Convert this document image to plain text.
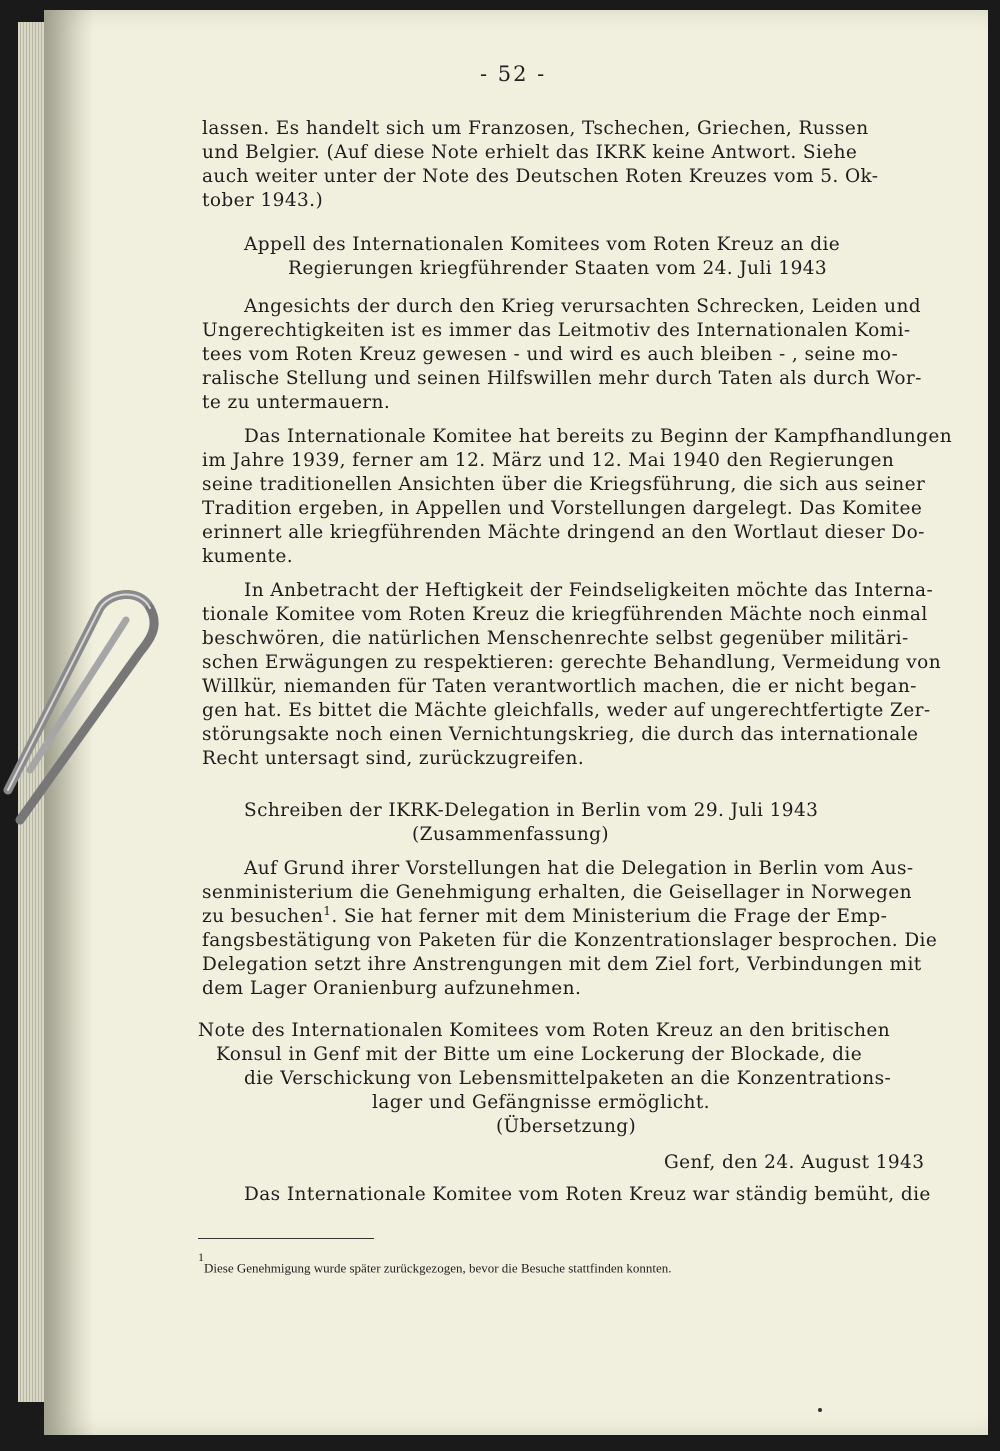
- 52 -
lassen. Es handelt sich um Franzosen, Tschechen, Griechen, Russen
und Belgier. (Auf diese Note erhielt das IKRK keine Antwort. Siehe
auch weiter unter der Note des Deutschen Roten Kreuzes vom 5. Ok-
tober 1943.)
Appell des Internationalen Komitees vom Roten Kreuz an die
Regierungen kriegführender Staaten vom 24. Juli 1943
Angesichts der durch den Krieg verursachten Schrecken, Leiden und
Ungerechtigkeiten ist es immer das Leitmotiv des Internationalen Komi-
tees vom Roten Kreuz gewesen - und wird es auch bleiben - , seine mo-
ralische Stellung und seinen Hilfswillen mehr durch Taten als durch Wor-
te zu untermauern.
Das Internationale Komitee hat bereits zu Beginn der Kampfhandlungen
im Jahre 1939, ferner am 12. März und 12. Mai 1940 den Regierungen
seine traditionellen Ansichten über die Kriegsführung, die sich aus seiner
Tradition ergeben, in Appellen und Vorstellungen dargelegt. Das Komitee
erinnert alle kriegführenden Mächte dringend an den Wortlaut dieser Do-
kumente.
In Anbetracht der Heftigkeit der Feindseligkeiten möchte das Interna-
tionale Komitee vom Roten Kreuz die kriegführenden Mächte noch einmal
beschwören, die natürlichen Menschenrechte selbst gegenüber militäri-
schen Erwägungen zu respektieren: gerechte Behandlung, Vermeidung von
Willkür, niemanden für Taten verantwortlich machen, die er nicht began-
gen hat. Es bittet die Mächte gleichfalls, weder auf ungerechtfertigte Zer-
störungsakte noch einen Vernichtungskrieg, die durch das internationale
Recht untersagt sind, zurückzugreifen.
Schreiben der IKRK-Delegation in Berlin vom 29. Juli 1943
(Zusammenfassung)
Auf Grund ihrer Vorstellungen hat die Delegation in Berlin vom Aus-
senministerium die Genehmigung erhalten, die Geisellager in Norwegen
zu besuchen$^1$. Sie hat ferner mit dem Ministerium die Frage der Emp-
fangsbestätigung von Paketen für die Konzentrationslager besprochen. Die
Delegation setzt ihre Anstrengungen mit dem Ziel fort, Verbindungen mit
dem Lager Oranienburg aufzunehmen.
Note des Internationalen Komitees vom Roten Kreuz an den britischen
Konsul in Genf mit der Bitte um eine Lockerung der Blockade, die
die Verschickung von Lebensmittelpaketen an die Konzentrations-
lager und Gefängnisse ermöglicht.
(Übersetzung)
Genf, den 24. August 1943
Das Internationale Komitee vom Roten Kreuz war ständig bemüht, die
$^1$Diese Genehmigung wurde später zurückgezogen, bevor die Besuche stattfinden konnten.
